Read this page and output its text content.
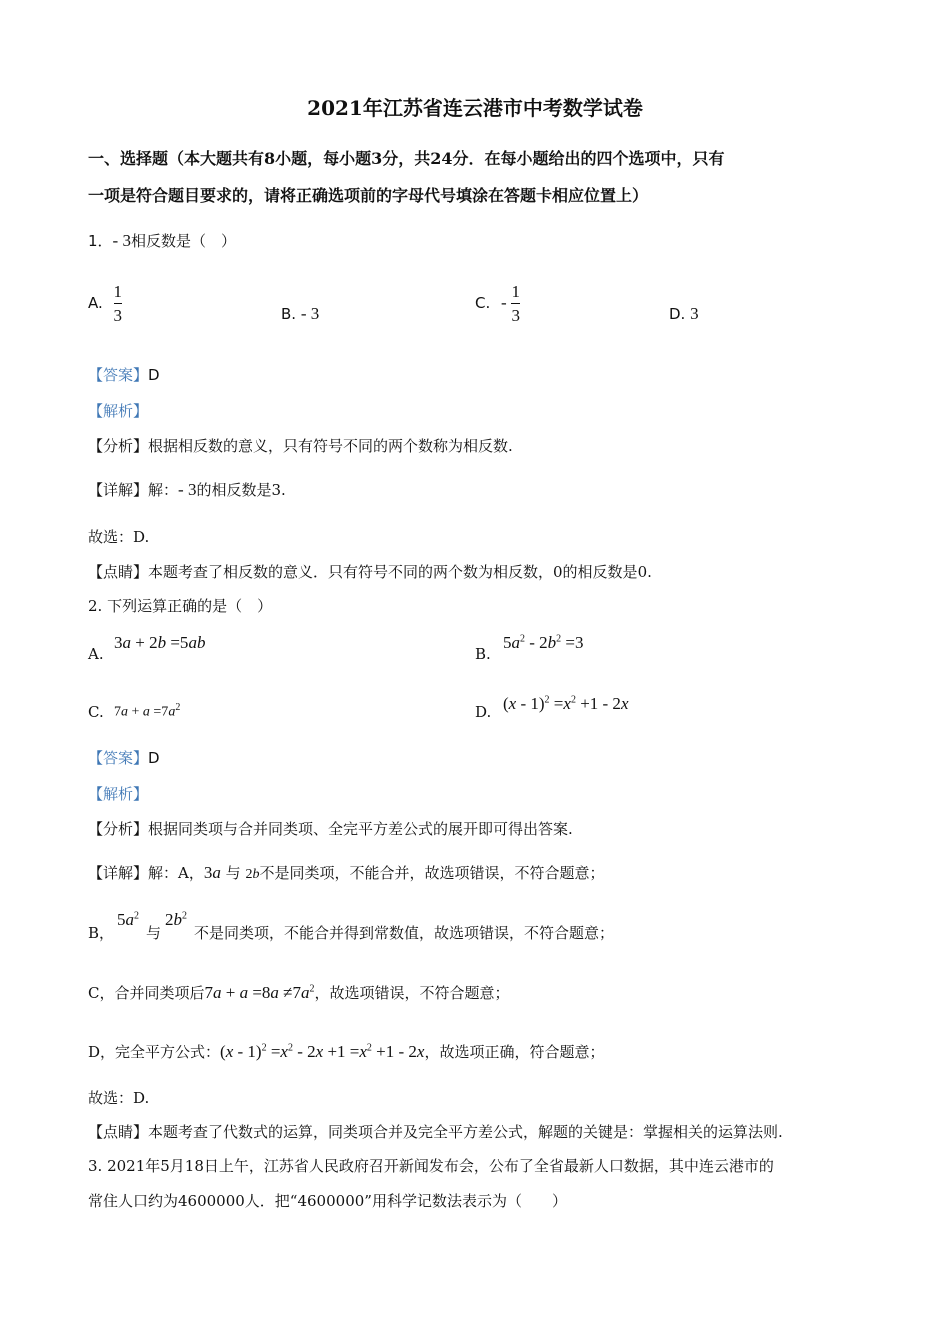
2021年江苏省连云港市中考数学试卷
一、选择题（本大题共有8小题，每小题3分，共24分．在每小题给出的四个选项中，只有
一项是符合题目要求的，请将正确选项前的字母代号填涂在答题卡相应位置上）
1．- 3相反数是（　）
A. $\frac{1}{3}$	B. - 3
C. - $\frac{1}{3}$	D. 3
【答案】D
【解析】
【分析】根据相反数的意义，只有符号不同的两个数称为相反数.
【详解】解：- 3的相反数是3.
故选：D.
【点睛】本题考查了相反数的意义．只有符号不同的两个数为相反数，0的相反数是0.
2. 下列运算正确的是（　）
A.
3a + 2b =5ab
B.
$5a^2 - 2b^2 =3$
C. $7a + a =7a^2$	D. $(x - 1)^2 =x^2 +1 - 2x$
【答案】D
【解析】
【分析】根据同类项与合并同类项、全完平方差公式的展开即可得出答案.
【详解】解：A，3a 与 2b不是同类项，不能合并，故选项错误，不符合题意；
B，
$5a^2$
与
$2b^2$
不是同类项，不能合并得到常数值，故选项错误，不符合题意；
C，合并同类项后$7a + a =8a \ne 7a^2$，故选项错误，不符合题意；
D，完全平方公式：$(x - 1)^2 =x^2 - 2x +1 =x^2 +1 - 2x$，故选项正确，符合题意；
故选：D.
【点睛】本题考查了代数式的运算，同类项合并及完全平方差公式，解题的关键是：掌握相关的运算法则.
3. 2021年5月18日上午，江苏省人民政府召开新闻发布会，公布了全省最新人口数据，其中连云港市的
常住人口约为4600000人．把“4600000”用科学记数法表示为（　　）
